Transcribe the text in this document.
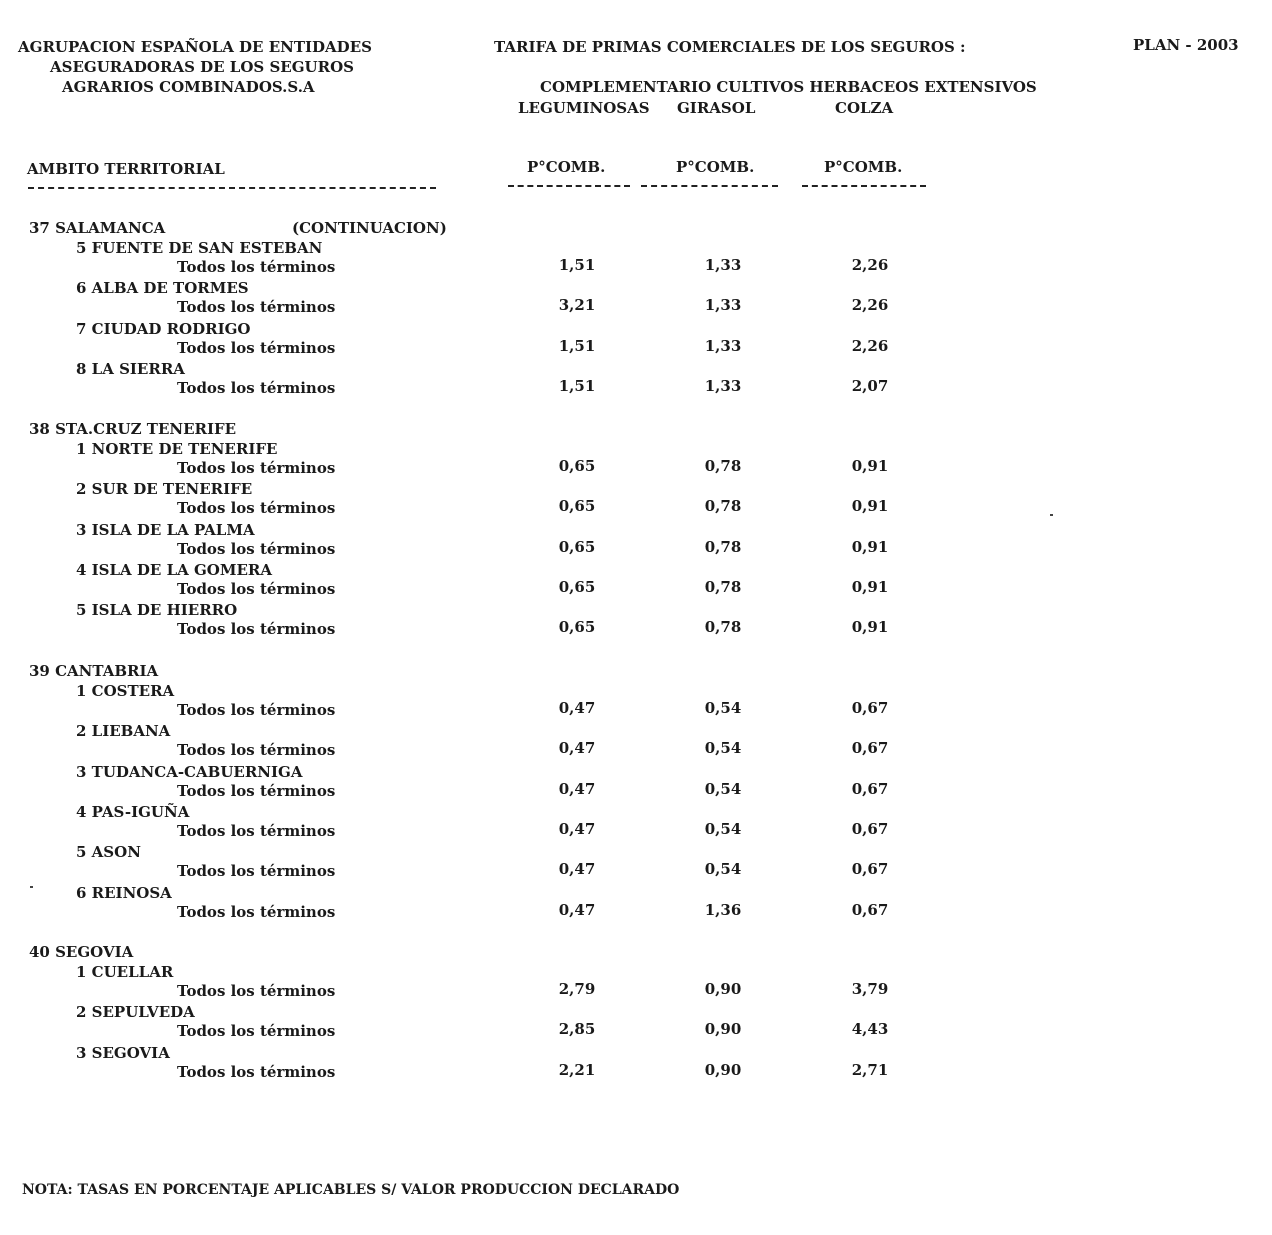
AGRUPACION ESPAÑOLA DE ENTIDADES
ASEGURADORAS DE LOS SEGUROS
AGRARIOS COMBINADOS.S.A
TARIFA DE PRIMAS COMERCIALES DE LOS SEGUROS :	PLAN - 2003
COMPLEMENTARIO CULTIVOS HERBACEOS EXTENSIVOS
LEGUMINOSAS GIRASOL	COLZA
AMBITO TERRITORIAL	P°COMB.	P°COMB.	P°COMB.
37 SALAMANCA	(CONTINUACION)
5 FUENTE DE SAN ESTEBAN
Todos los términos	1,51	1,33	2,26
6 ALBA DE TORMES
Todos los términos	3,21	1,33	2,26
7 CIUDAD RODRIGO
Todos los términos	1,51	1,33	2,26
8 LA SIERRA
Todos los términos	1,51	1,33	2,07
38 STA.CRUZ TENERIFE
1 NORTE DE TENERIFE
Todos los términos	0,65	0,78	0,91
2 SUR DE TENERIFE
Todos los términos	0,65	0,78	0,91
3 ISLA DE LA PALMA
Todos los términos	0,65	0,78	0,91
4 ISLA DE LA GOMERA
Todos los términos	0,65	0,78	0,91
5 ISLA DE HIERRO
Todos los términos	0,65	0,78	0,91
39 CANTABRIA
1 COSTERA
Todos los términos	0,47	0,54	0,67
2 LIEBANA
Todos los términos	0,47	0,54	0,67
3 TUDANCA-CABUERNIGA
Todos los términos	0,47	0,54	0,67
4 PAS-IGUÑA
Todos los términos	0,47	0,54	0,67
5 ASON
Todos los términos	0,47	0,54	0,67
6 REINOSA
Todos los términos	0,47	1,36	0,67
40 SEGOVIA
1 CUELLAR
Todos los términos	2,79	0,90	3,79
2 SEPULVEDA
Todos los términos	2,85	0,90	4,43
3 SEGOVIA
Todos los términos	2,21	0,90	2,71
NOTA: TASAS EN PORCENTAJE APLICABLES S/ VALOR PRODUCCION DECLARADO
